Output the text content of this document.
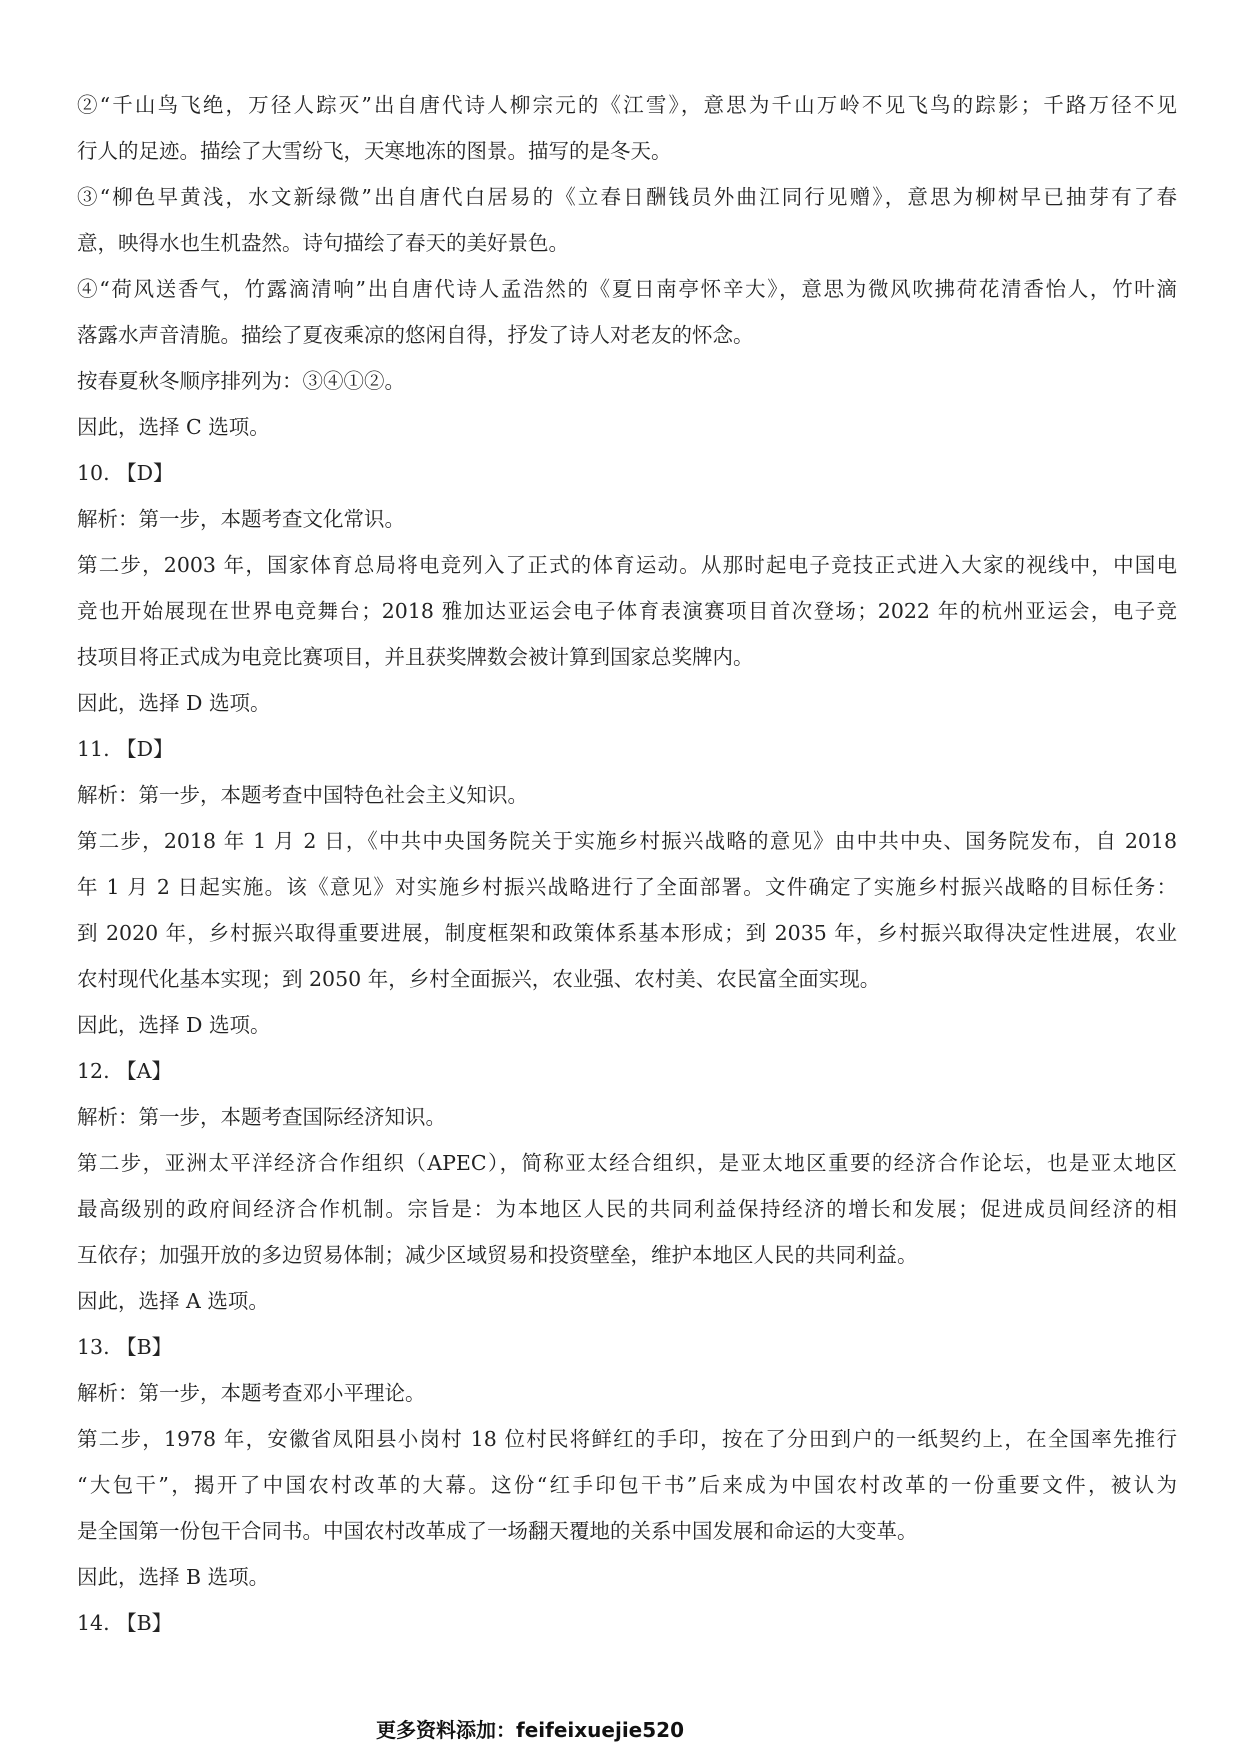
②“千山鸟飞绝，万径人踪灭”出自唐代诗人柳宗元的《江雪》，意思为千山万岭不见飞鸟的踪影；千路万径不见
行人的足迹。描绘了大雪纷飞，天寒地冻的图景。描写的是冬天。
③“柳色早黄浅，水文新绿微”出自唐代白居易的《立春日酬钱员外曲江同行见赠》，意思为柳树早已抽芽有了春
意，映得水也生机盎然。诗句描绘了春天的美好景色。
④“荷风送香气，竹露滴清响”出自唐代诗人孟浩然的《夏日南亭怀辛大》，意思为微风吹拂荷花清香怡人，竹叶滴
落露水声音清脆。描绘了夏夜乘凉的悠闲自得，抒发了诗人对老友的怀念。
按春夏秋冬顺序排列为：③④①②。
因此，选择 C 选项。
10. 【D】
解析：第一步，本题考查文化常识。
第二步，2003 年，国家体育总局将电竞列入了正式的体育运动。从那时起电子竞技正式进入大家的视线中，中国电
竞也开始展现在世界电竞舞台；2018 雅加达亚运会电子体育表演赛项目首次登场；2022 年的杭州亚运会，电子竞
技项目将正式成为电竞比赛项目，并且获奖牌数会被计算到国家总奖牌内。
因此，选择 D 选项。
11. 【D】
解析：第一步，本题考查中国特色社会主义知识。
第二步，2018 年 1 月 2 日，《中共中央国务院关于实施乡村振兴战略的意见》由中共中央、国务院发布，自 2018
年 1 月 2 日起实施。该《意见》对实施乡村振兴战略进行了全面部署。文件确定了实施乡村振兴战略的目标任务：
到 2020 年，乡村振兴取得重要进展，制度框架和政策体系基本形成；到 2035 年，乡村振兴取得决定性进展，农业
农村现代化基本实现；到 2050 年，乡村全面振兴，农业强、农村美、农民富全面实现。
因此，选择 D 选项。
12. 【A】
解析：第一步，本题考查国际经济知识。
第二步，亚洲太平洋经济合作组织（APEC），简称亚太经合组织，是亚太地区重要的经济合作论坛，也是亚太地区
最高级别的政府间经济合作机制。宗旨是：为本地区人民的共同利益保持经济的增长和发展；促进成员间经济的相
互依存；加强开放的多边贸易体制；减少区域贸易和投资壁垒，维护本地区人民的共同利益。
因此，选择 A 选项。
13. 【B】
解析：第一步，本题考查邓小平理论。
第二步，1978 年，安徽省凤阳县小岗村 18 位村民将鲜红的手印，按在了分田到户的一纸契约上，在全国率先推行
“大包干”，揭开了中国农村改革的大幕。这份“红手印包干书”后来成为中国农村改革的一份重要文件，被认为
是全国第一份包干合同书。中国农村改革成了一场翻天覆地的关系中国发展和命运的大变革。
因此，选择 B 选项。
14. 【B】
更多资料添加：feifeixuejie520
